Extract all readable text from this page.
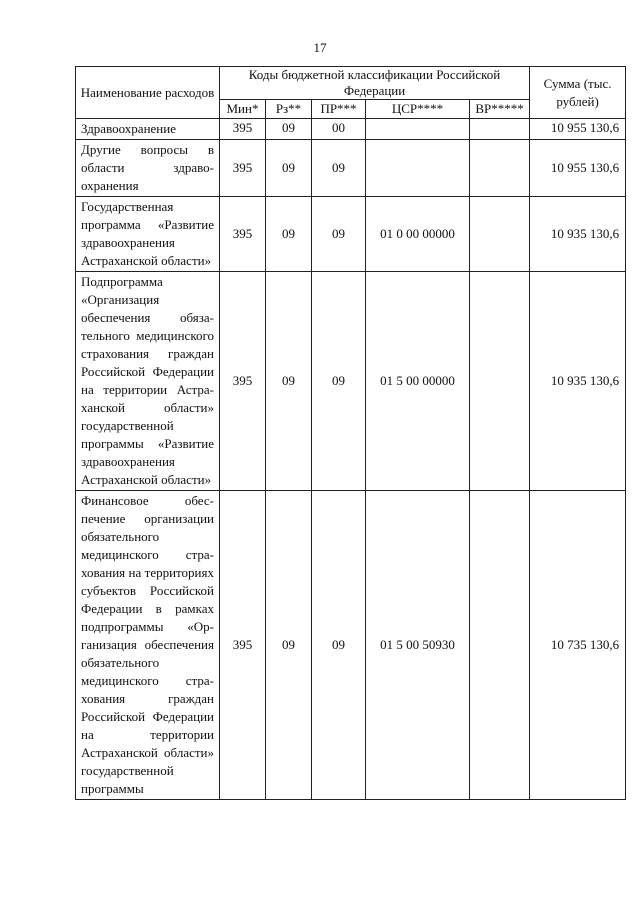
17
Наименование расходов	Коды бюджетной классификации Российской Федерации					Сумма (тыс. рублей)
	Мин*	Рз**	ПР***	ЦСР****	ВР*****	
Здравоохранение	395	09	00			10 955 130,6
Другие вопросы в области здравоохранения	395	09	09			10 955 130,6
Государственная программа «Развитие здравоохранения Астраханской области»	395	09	09	01 0 00 00000		10 935 130,6
Подпрограмма «Организация обеспечения обязательного медицинского страхования граждан Российской Федерации на территории Астраханской области» государственной программы «Развитие здравоохранения Астраханской области»	395	09	09	01 5 00 00000		10 935 130,6
Финансовое обеспечение организации обязательного медицинского страхования на территориях субъектов Российской Федерации в рамках подпрограммы «Организация обеспечения обязательного медицинского страхования граждан Российской Федерации на территории Астраханской области» государственной программы	395	09	09	01 5 00 50930		10 735 130,6
